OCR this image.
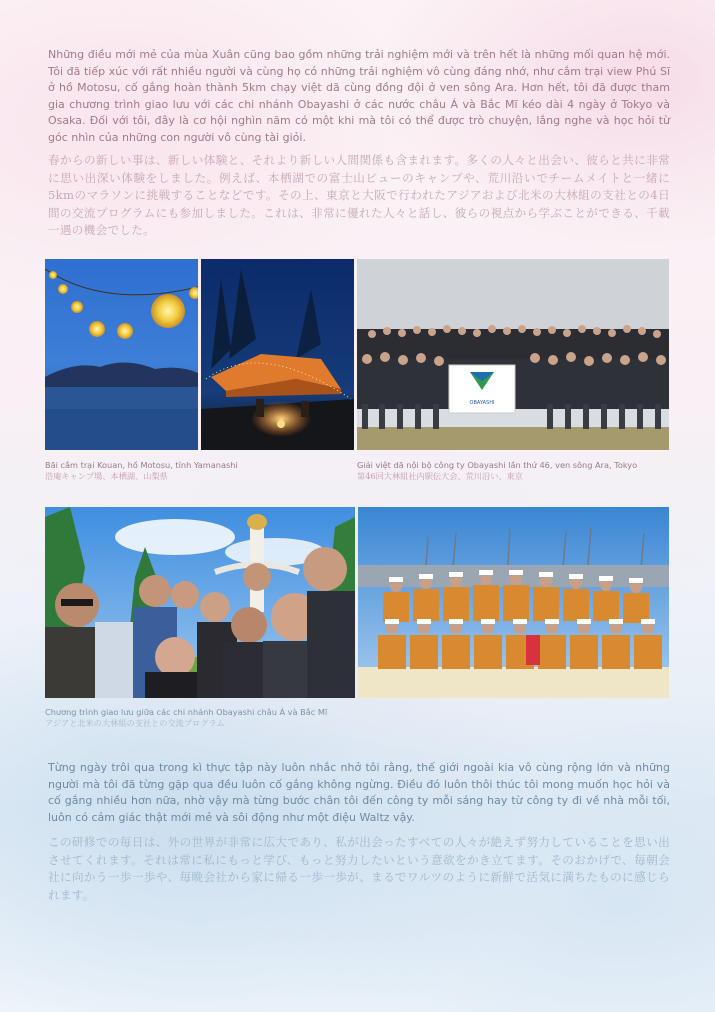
Những điều mới mẻ của mùa Xuân cũng bao gồm những trải nghiệm mới và trên hết là những mối quan hệ mới. Tôi đã tiếp xúc với rất nhiều người và cùng họ có những trải nghiệm vô cùng đáng nhớ, như cắm trại view Phú Sĩ ở hồ Motosu, cố gắng hoàn thành 5km chạy việt dã cùng đồng đội ở ven sông Ara. Hơn hết, tôi đã được tham gia chương trình giao lưu với các chi nhánh Obayashi ở các nước châu Á và Bắc Mĩ kéo dài 4 ngày ở Tokyo và Osaka. Đối với tôi, đây là cơ hội nghìn năm có một khi mà tôi có thể được trò chuyện, lắng nghe và học hỏi từ góc nhìn của những con người vô cùng tài giỏi.

春からの新しい事は、新しい体験と、それより新しい人間関係も含まれます。多くの人々と出会い、彼らと共に非常に思い出深い体験をしました。例えば、本栖湖での富士山ビューのキャンプや、荒川沿いでチームメイトと一緒に5kmのマラソンに挑戦することなどです。その上、東京と大阪で行われたアジアおよび北米の大林組の支社との4日間の交流プログラムにも参加しました。これは、非常に優れた人々と話し、彼らの視点から学ぶことができる、千載一遇の機会でした。

OBAYASHI
Bãi cắm trại Kouan, hồ Motosu, tỉnh Yamanashi
浩庵キャンプ場、本栖湖、山梨県
Giải việt dã nội bộ công ty Obayashi lần thứ 46, ven sông Ara, Tokyo
第46回大林組社内駅伝大会、荒川沿い、東京
Chương trình giao lưu giữa các chi nhánh Obayashi châu Á và Bắc Mĩ
アジアと北米の大林組の支社との交流プログラム

Từng ngày trôi qua trong kì thực tập này luôn nhắc nhở tôi rằng, thế giới ngoài kia vô cùng rộng lớn và những người mà tôi đã từng gặp qua đều luôn cố gắng không ngừng. Điều đó luôn thôi thúc tôi mong muốn học hỏi và cố gắng nhiều hơn nữa, nhờ vậy mà từng bước chân tôi đến công ty mỗi sáng hay từ công ty đi về nhà mỗi tối, luôn có cảm giác thật mới mẻ và sôi động như một điệu Waltz vậy.

この研修での毎日は、外の世界が非常に広大であり、私が出会ったすべての人々が絶えず努力していることを思い出させてくれます。それは常に私にもっと学び、もっと努力したいという意欲をかき立てます。そのおかげで、毎朝会社に向かう一歩一歩や、毎晩会社から家に帰る一歩一歩が、まるでワルツのように新鮮で活気に満ちたものに感じられます。
